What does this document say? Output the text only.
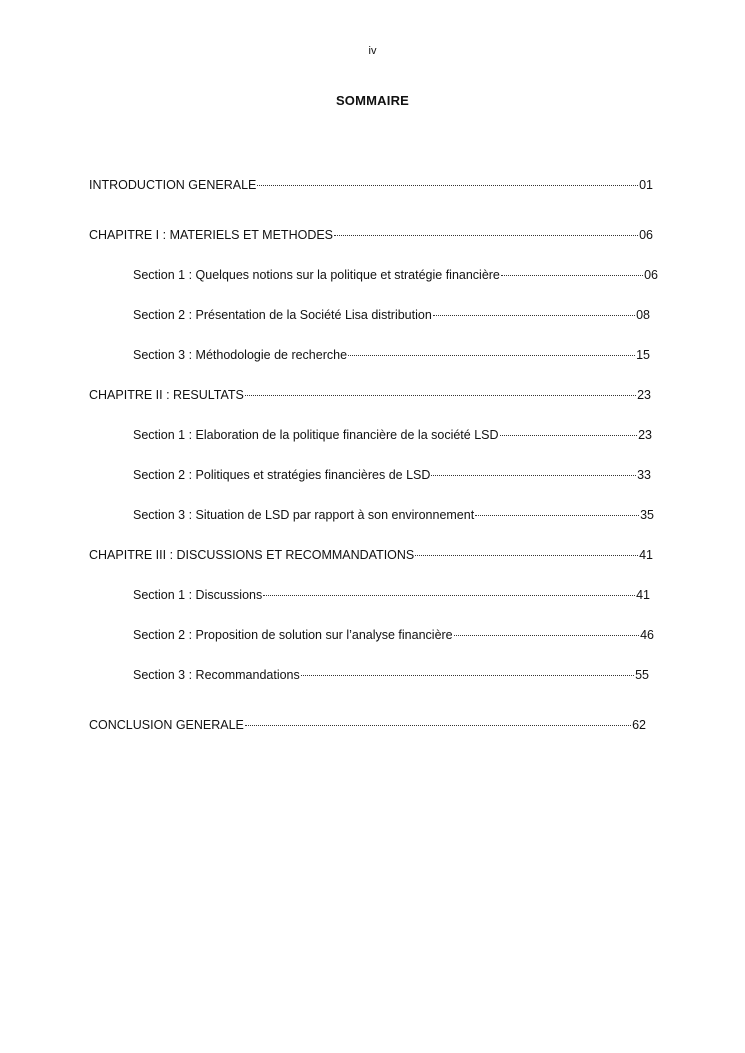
iv
SOMMAIRE
INTRODUCTION GENERALE	01
CHAPITRE I : MATERIELS ET METHODES	06
Section 1 : Quelques notions sur la politique et stratégie financière	06
Section 2 : Présentation de la Société Lisa distribution	08
Section 3 : Méthodologie de recherche	15
CHAPITRE II : RESULTATS	23
Section 1 : Elaboration de la politique financière de la société LSD	23
Section 2 : Politiques et stratégies financières de LSD	33
Section 3 : Situation de LSD par rapport à son environnement	35
CHAPITRE III : DISCUSSIONS ET RECOMMANDATIONS	41
Section 1 : Discussions	41
Section 2 : Proposition de solution sur l’analyse financière	46
Section 3 : Recommandations	55
CONCLUSION GENERALE	62
